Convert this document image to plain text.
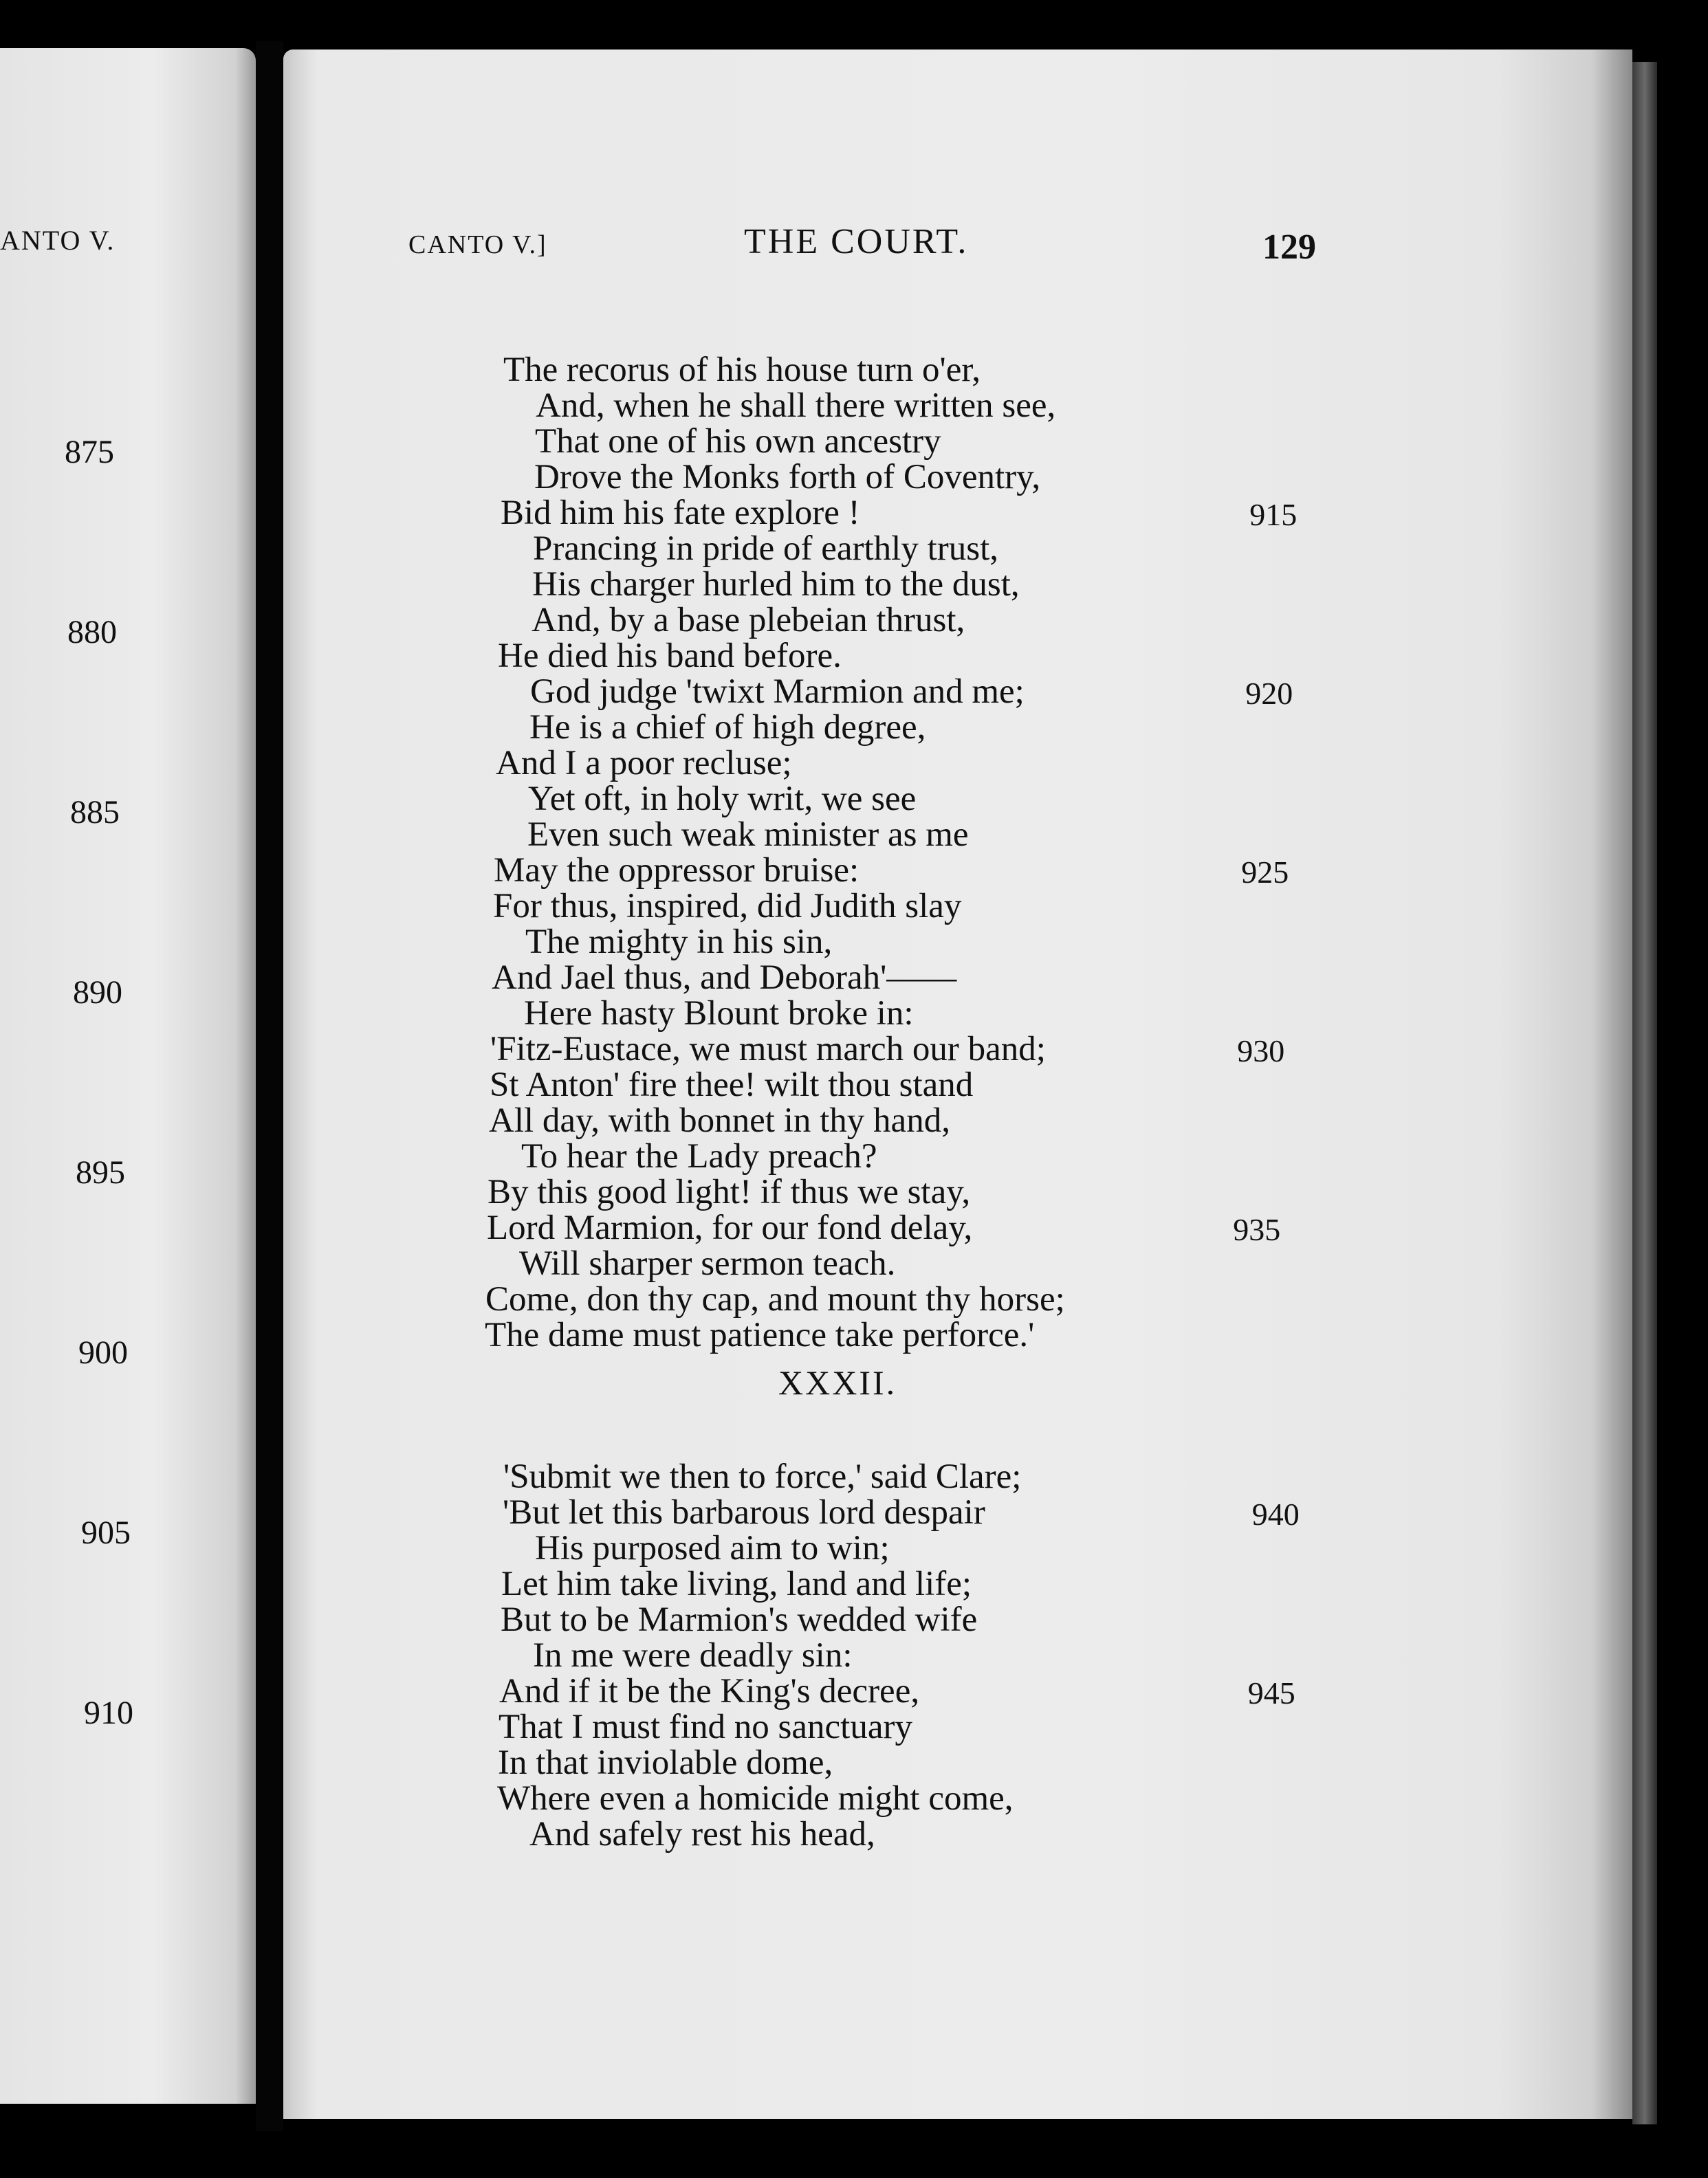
ANTO V.
875
880
885
890
895
900
905
910
CANTO V.]	THE COURT.	129
The recorus of his house turn o'er,
And, when he shall there written see,
That one of his own ancestry
Drove the Monks forth of Coventry,
Bid him his fate explore !
Prancing in pride of earthly trust,
His charger hurled him to the dust,
And, by a base plebeian thrust,
He died his band before.
God judge 'twixt Marmion and me;
He is a chief of high degree,
And I a poor recluse;
Yet oft, in holy writ, we see
Even such weak minister as me
May the oppressor bruise:
For thus, inspired, did Judith slay
The mighty in his sin,
And Jael thus, and Deborah'——
Here hasty Blount broke in:
'Fitz-Eustace, we must march our band;
St Anton' fire thee! wilt thou stand
All day, with bonnet in thy hand,
To hear the Lady preach?
By this good light! if thus we stay,
Lord Marmion, for our fond delay,
Will sharper sermon teach.
Come, don thy cap, and mount thy horse;
The dame must patience take perforce.'
915
920
925
930
935
XXXII.
'Submit we then to force,' said Clare;
'But let this barbarous lord despair
His purposed aim to win;
Let him take living, land and life;
But to be Marmion's wedded wife
In me were deadly sin:
And if it be the King's decree,
That I must find no sanctuary
In that inviolable dome,
Where even a homicide might come,
And safely rest his head,
940
945
